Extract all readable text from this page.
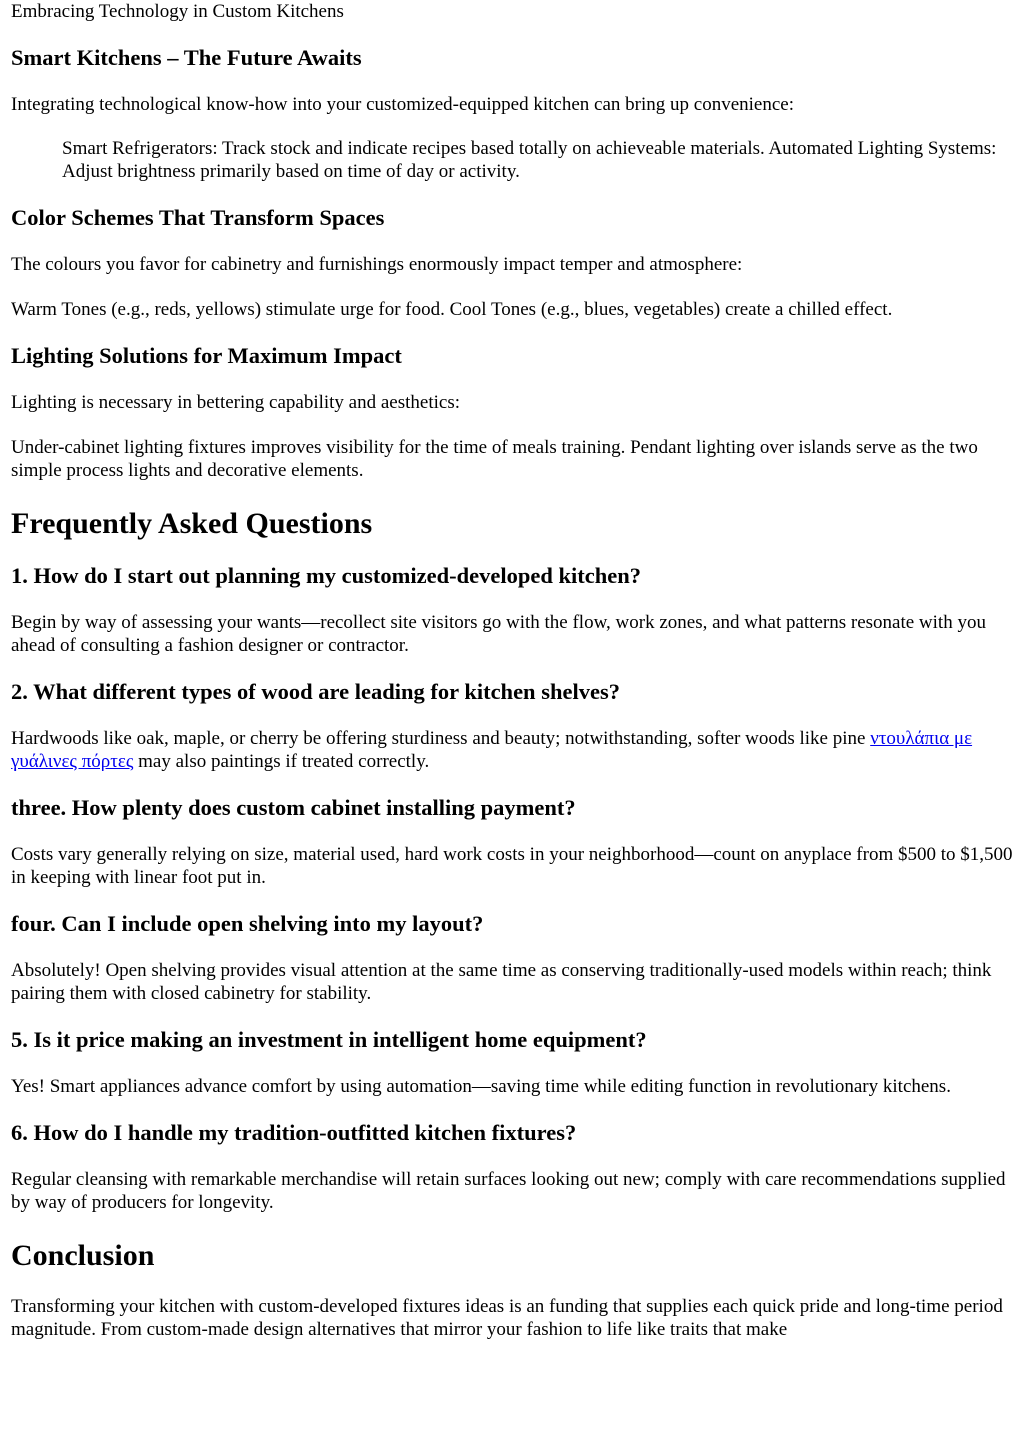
Embracing Technology in Custom Kitchens

Smart Kitchens – The Future Awaits

Integrating technological know-how into your customized-equipped kitchen can bring up convenience:

Smart Refrigerators: Track stock and indicate recipes based totally on achieveable materials. Automated Lighting Systems: Adjust brightness primarily based on time of day or activity.
Color Schemes That Transform Spaces

The colours you favor for cabinetry and furnishings enormously impact temper and atmosphere:

Warm Tones (e.g., reds, yellows) stimulate urge for food. Cool Tones (e.g., blues, vegetables) create a chilled effect.

Lighting Solutions for Maximum Impact

Lighting is necessary in bettering capability and aesthetics:

Under-cabinet lighting fixtures improves visibility for the time of meals training. Pendant lighting over islands serve as the two simple process lights and decorative elements.

Frequently Asked Questions
1. How do I start out planning my customized-developed kitchen?

Begin by way of assessing your wants—recollect site visitors go with the flow, work zones, and what patterns resonate with you ahead of consulting a fashion designer or contractor.

2. What different types of wood are leading for kitchen shelves?

Hardwoods like oak, maple, or cherry be offering sturdiness and beauty; notwithstanding, softer woods like pine ντουλάπια με γυάλινες πόρτες may also paintings if treated correctly.

three. How plenty does custom cabinet installing payment?

Costs vary generally relying on size, material used, hard work costs in your neighborhood—count on anyplace from $500 to $1,500 in keeping with linear foot put in.

four. Can I include open shelving into my layout?

Absolutely! Open shelving provides visual attention at the same time as conserving traditionally-used models within reach; think pairing them with closed cabinetry for stability.

5. Is it price making an investment in intelligent home equipment?

Yes! Smart appliances advance comfort by using automation—saving time while editing function in revolutionary kitchens.

6. How do I handle my tradition-outfitted kitchen fixtures?

Regular cleansing with remarkable merchandise will retain surfaces looking out new; comply with care recommendations supplied by way of producers for longevity.

Conclusion

Transforming your kitchen with custom-developed fixtures ideas is an funding that supplies each quick pride and long-time period magnitude. From custom-made design alternatives that mirror your fashion to life like traits that make
